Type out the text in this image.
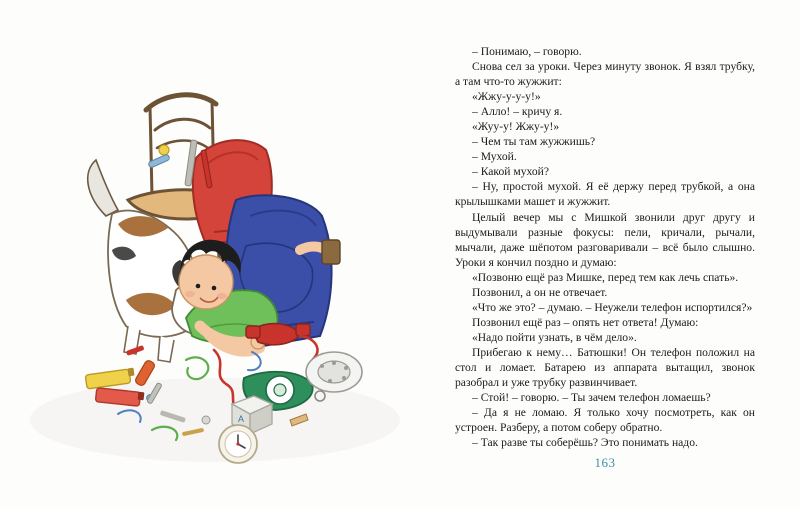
A

– Понимаю, – говорю.

Снова сел за уроки. Через минуту звонок. Я взял трубку, а там что-то жужжит:

«Жжу-у-у-у!»

– Алло! – кричу я.

«Жуу-у! Жжу-у!»

– Чем ты там жужжишь?

– Мухой.

– Какой мухой?

– Ну, простой мухой. Я её держу перед трубкой, а она крылышками машет и жужжит.

Целый вечер мы с Мишкой звонили друг другу и выдумывали разные фокусы: пели, кричали, рычали, мычали, даже шёпотом разговаривали – всё было слышно. Уроки я кончил поздно и думаю:

«Позвоню ещё раз Мишке, перед тем как лечь спать».

Позвонил, а он не отвечает.

«Что же это? – думаю. – Неужели телефон испортился?»

Позвонил ещё раз – опять нет ответа! Думаю:

«Надо пойти узнать, в чём дело».

Прибегаю к нему… Батюшки! Он телефон положил на стол и ломает. Батарею из аппарата вытащил, звонок разобрал и уже трубку развинчивает.

– Стой! – говорю. – Ты зачем телефон ломаешь?

– Да я не ломаю. Я только хочу посмотреть, как он устроен. Разберу, а потом соберу обратно.

– Так разве ты соберёшь? Это понимать надо.

163
